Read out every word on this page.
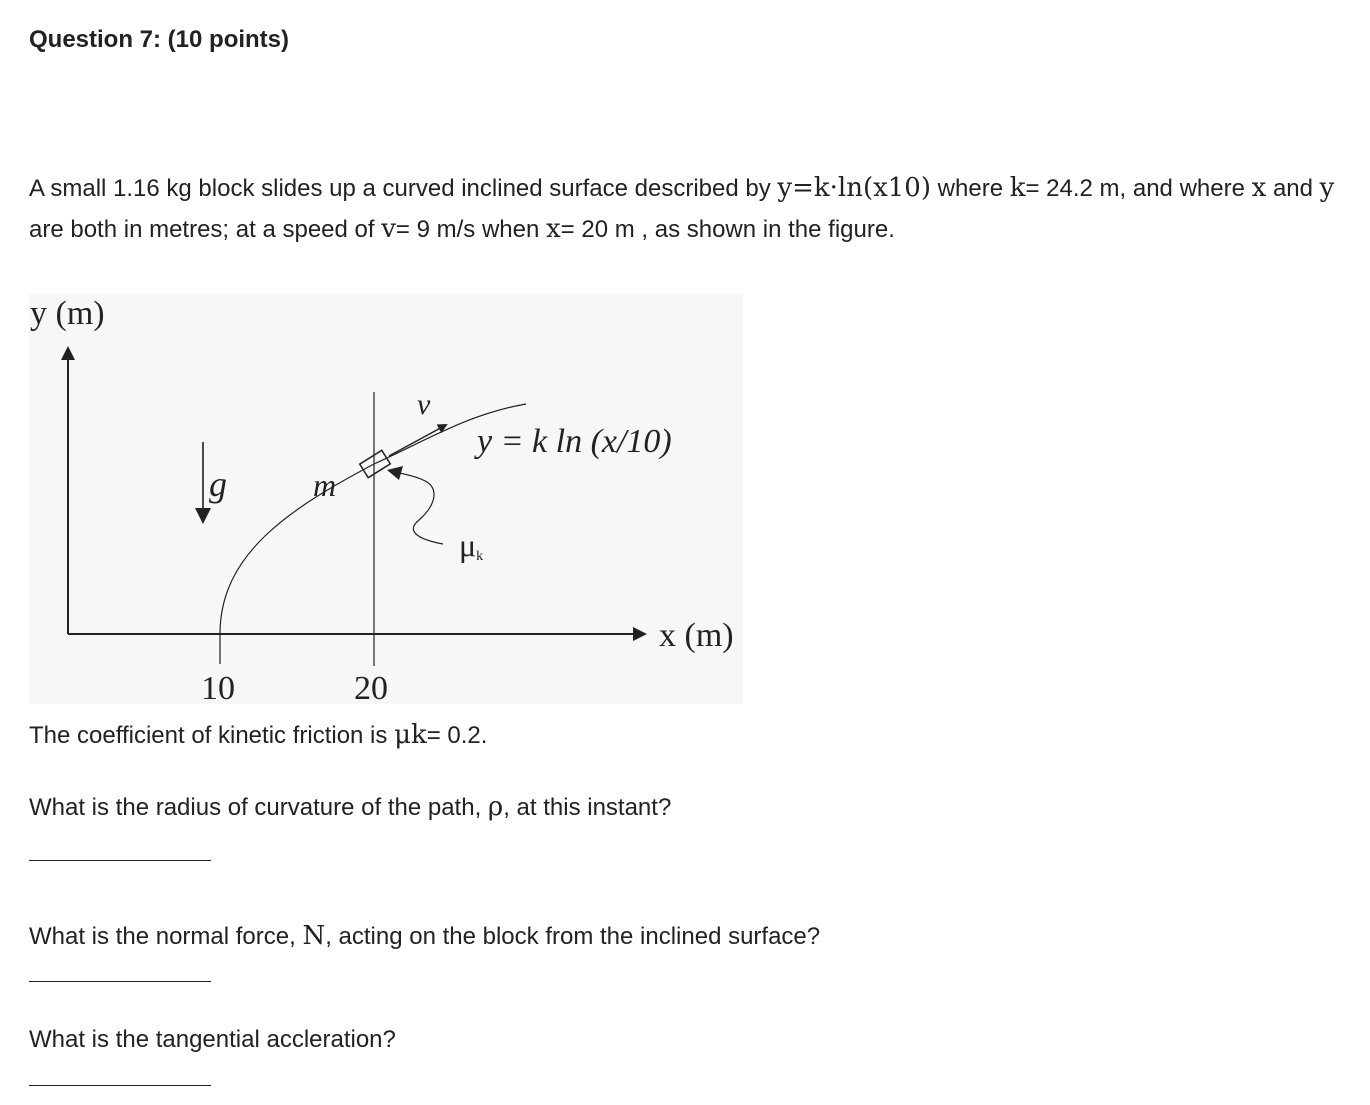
Question 7: (10 points)
A small 1.16 kg block slides up a curved inclined surface described by y=k·ln(x10) where k= 24.2 m, and where x and y are both in metres; at a speed of v= 9 m/s when x= 20 m , as shown in the figure.
y (m)
x (m)
v
y = k ln (x/10)
g	m
μk
10	20
The coefficient of kinetic friction is μk= 0.2.
What is the radius of curvature of the path, ρ, at this instant?
What is the normal force, N, acting on the block from the inclined surface?
What is the tangential accleration?
